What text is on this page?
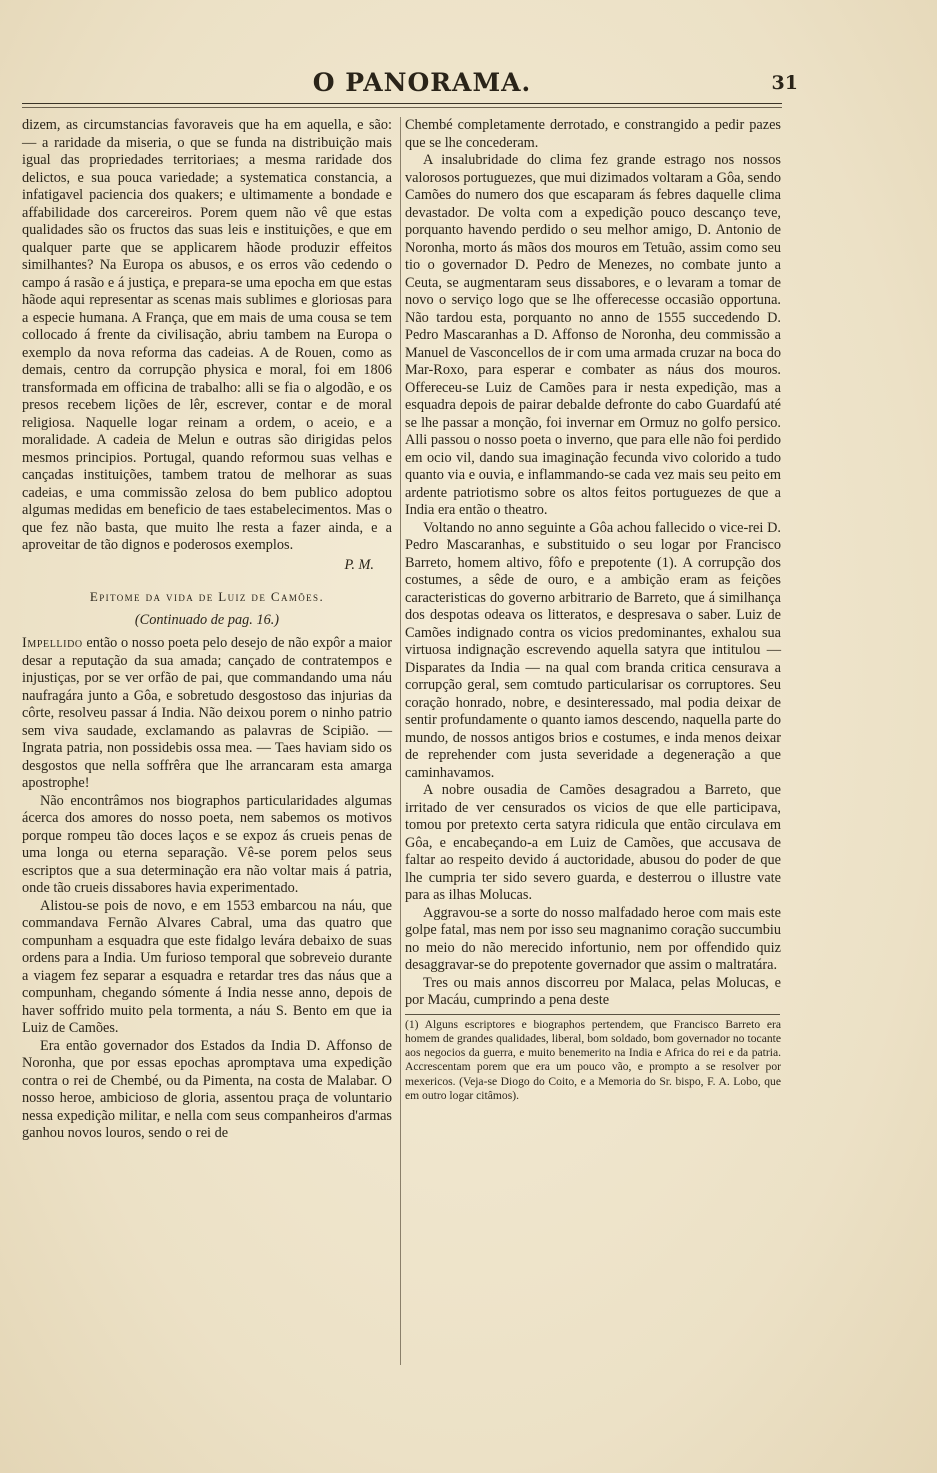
O PANORAMA.	31

dizem, as circumstancias favoraveis que ha em aquella, e são: — a raridade da miseria, o que se funda na distribuição mais igual das propriedades territoriaes; a mesma raridade dos delictos, e sua pouca variedade; a systematica constancia, a infatigavel paciencia dos quakers; e ultimamente a bondade e affabilidade dos carcereiros. Porem quem não vê que estas qualidades são os fructos das suas leis e instituições, e que em qualquer parte que se applicarem hãode produzir effeitos similhantes? Na Europa os abusos, e os erros vão cedendo o campo á rasão e á justiça, e prepara-se uma epocha em que estas hãode aqui representar as scenas mais sublimes e gloriosas para a especie humana. A França, que em mais de uma cousa se tem collocado á frente da civilisação, abriu tambem na Europa o exemplo da nova reforma das cadeias. A de Rouen, como as demais, centro da corrupção physica e moral, foi em 1806 transformada em officina de trabalho: alli se fia o algodão, e os presos recebem lições de lêr, escrever, contar e de moral religiosa. Naquelle logar reinam a ordem, o aceio, e a moralidade. A cadeia de Melun e outras são dirigidas pelos mesmos principios. Portugal, quando reformou suas velhas e cançadas instituições, tambem tratou de melhorar as suas cadeias, e uma commissão zelosa do bem publico adoptou algumas medidas em beneficio de taes estabelecimentos. Mas o que fez não basta, que muito lhe resta a fazer ainda, e a aproveitar de tão dignos e poderosos exemplos.

P. M.
Epitome da vida de Luiz de Camões.
(Continuado de pag. 16.)

Impellido então o nosso poeta pelo desejo de não expôr a maior desar a reputação da sua amada; cançado de contratempos e injustiças, por se ver orfão de pai, que commandando uma náu naufragára junto a Gôa, e sobretudo desgostoso das injurias da côrte, resolveu passar á India. Não deixou porem o ninho patrio sem viva saudade, exclamando as palavras de Scipião. — Ingrata patria, non possidebis ossa mea. — Taes haviam sido os desgostos que nella soffrêra que lhe arrancaram esta amarga apostrophe!

Não encontrâmos nos biographos particularidades algumas ácerca dos amores do nosso poeta, nem sabemos os motivos porque rompeu tão doces laços e se expoz ás crueis penas de uma longa ou eterna separação. Vê-se porem pelos seus escriptos que a sua determinação era não voltar mais á patria, onde tão crueis dissabores havia experimentado.

Alistou-se pois de novo, e em 1553 embarcou na náu, que commandava Fernão Alvares Cabral, uma das quatro que compunham a esquadra que este fidalgo levára debaixo de suas ordens para a India. Um furioso temporal que sobreveio durante a viagem fez separar a esquadra e retardar tres das náus que a compunham, chegando sómente á India nesse anno, depois de haver soffrido muito pela tormenta, a náu S. Bento em que ia Luiz de Camões.

Era então governador dos Estados da India D. Affonso de Noronha, que por essas epochas apromptava uma expedição contra o rei de Chembé, ou da Pimenta, na costa de Malabar. O nosso heroe, ambicioso de gloria, assentou praça de voluntario nessa expedição militar, e nella com seus companheiros d'armas ganhou novos louros, sendo o rei de

Chembé completamente derrotado, e constrangido a pedir pazes que se lhe concederam.

A insalubridade do clima fez grande estrago nos nossos valorosos portuguezes, que mui dizimados voltaram a Gôa, sendo Camões do numero dos que escaparam ás febres daquelle clima devastador. De volta com a expedição pouco descanço teve, porquanto havendo perdido o seu melhor amigo, D. Antonio de Noronha, morto ás mãos dos mouros em Tetuão, assim como seu tio o governador D. Pedro de Menezes, no combate junto a Ceuta, se augmentaram seus dissabores, e o levaram a tomar de novo o serviço logo que se lhe offerecesse occasião opportuna. Não tardou esta, porquanto no anno de 1555 succedendo D. Pedro Mascaranhas a D. Affonso de Noronha, deu commissão a Manuel de Vasconcellos de ir com uma armada cruzar na boca do Mar-Roxo, para esperar e combater as náus dos mouros. Offereceu-se Luiz de Camões para ir nesta expedição, mas a esquadra depois de pairar debalde defronte do cabo Guardafú até se lhe passar a monção, foi invernar em Ormuz no golfo persico. Alli passou o nosso poeta o inverno, que para elle não foi perdido em ocio vil, dando sua imaginação fecunda vivo colorido a tudo quanto via e ouvia, e inflammando-se cada vez mais seu peito em ardente patriotismo sobre os altos feitos portuguezes de que a India era então o theatro.

Voltando no anno seguinte a Gôa achou fallecido o vice-rei D. Pedro Mascaranhas, e substituido o seu logar por Francisco Barreto, homem altivo, fôfo e prepotente (1). A corrupção dos costumes, a sêde de ouro, e a ambição eram as feições caracteristicas do governo arbitrario de Barreto, que á similhança dos despotas odeava os litteratos, e despresava o saber. Luiz de Camões indignado contra os vicios predominantes, exhalou sua virtuosa indignação escrevendo aquella satyra que intitulou — Disparates da India — na qual com branda critica censurava a corrupção geral, sem comtudo particularisar os corruptores. Seu coração honrado, nobre, e desinteressado, mal podia deixar de sentir profundamente o quanto iamos descendo, naquella parte do mundo, de nossos antigos brios e costumes, e inda menos deixar de reprehender com justa severidade a degeneração a que caminhavamos.

A nobre ousadia de Camões desagradou a Barreto, que irritado de ver censurados os vicios de que elle participava, tomou por pretexto certa satyra ridicula que então circulava em Gôa, e encabeçando-a em Luiz de Camões, que accusava de faltar ao respeito devido á auctoridade, abusou do poder de que lhe cumpria ter sido severo guarda, e desterrou o illustre vate para as ilhas Molucas.

Aggravou-se a sorte do nosso malfadado heroe com mais este golpe fatal, mas nem por isso seu magnanimo coração succumbiu no meio do não merecido infortunio, nem por offendido quiz desaggravar-se do prepotente governador que assim o maltratára.

Tres ou mais annos discorreu por Malaca, pelas Molucas, e por Macáu, cumprindo a pena deste

(1) Alguns escriptores e biographos pertendem, que Francisco Barreto era homem de grandes qualidades, liberal, bom soldado, bom governador no tocante aos negocios da guerra, e muito benemerito na India e Africa do rei e da patria. Accrescentam porem que era um pouco vão, e prompto a se resolver por mexericos. (Veja-se Diogo do Coito, e a Memoria do Sr. bispo, F. A. Lobo, que em outro logar citâmos).
